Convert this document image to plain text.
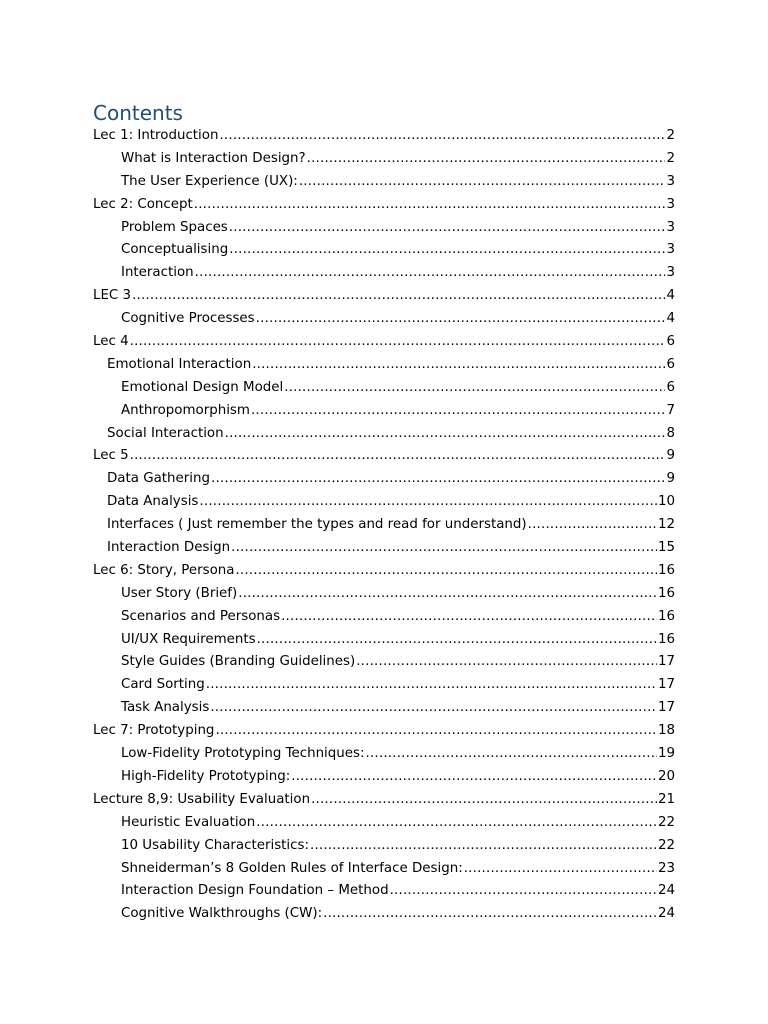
Contents
Lec 1: Introduction .....	2
What is Interaction Design? .....	2
The User Experience (UX): .....	3
Lec 2: Concept .....	3
Problem Spaces .....	3
Conceptualising .....	3
Interaction .....	3
LEC 3 .....	4
Cognitive Processes .....	4
Lec 4 .....	6
Emotional Interaction .....	6
Emotional Design Model .....	6
Anthropomorphism .....	7
Social Interaction .....	8
Lec 5 .....	9
Data Gathering .....	9
Data Analysis .....	10
Interfaces ( Just remember the types and read for understand) .....	12
Interaction Design .....	15
Lec 6: Story, Persona .....	16
User Story (Brief) .....	16
Scenarios and Personas .....	16
UI/UX Requirements .....	16
Style Guides (Branding Guidelines) .....	17
Card Sorting .....	17
Task Analysis .....	17
Lec 7: Prototyping .....	18
Low-Fidelity Prototyping Techniques: .....	19
High-Fidelity Prototyping: .....	20
Lecture 8,9: Usability Evaluation .....	21
Heuristic Evaluation .....	22
10 Usability Characteristics: .....	22
Shneiderman’s 8 Golden Rules of Interface Design: .....	23
Interaction Design Foundation – Method .....	24
Cognitive Walkthroughs (CW): .....	24
